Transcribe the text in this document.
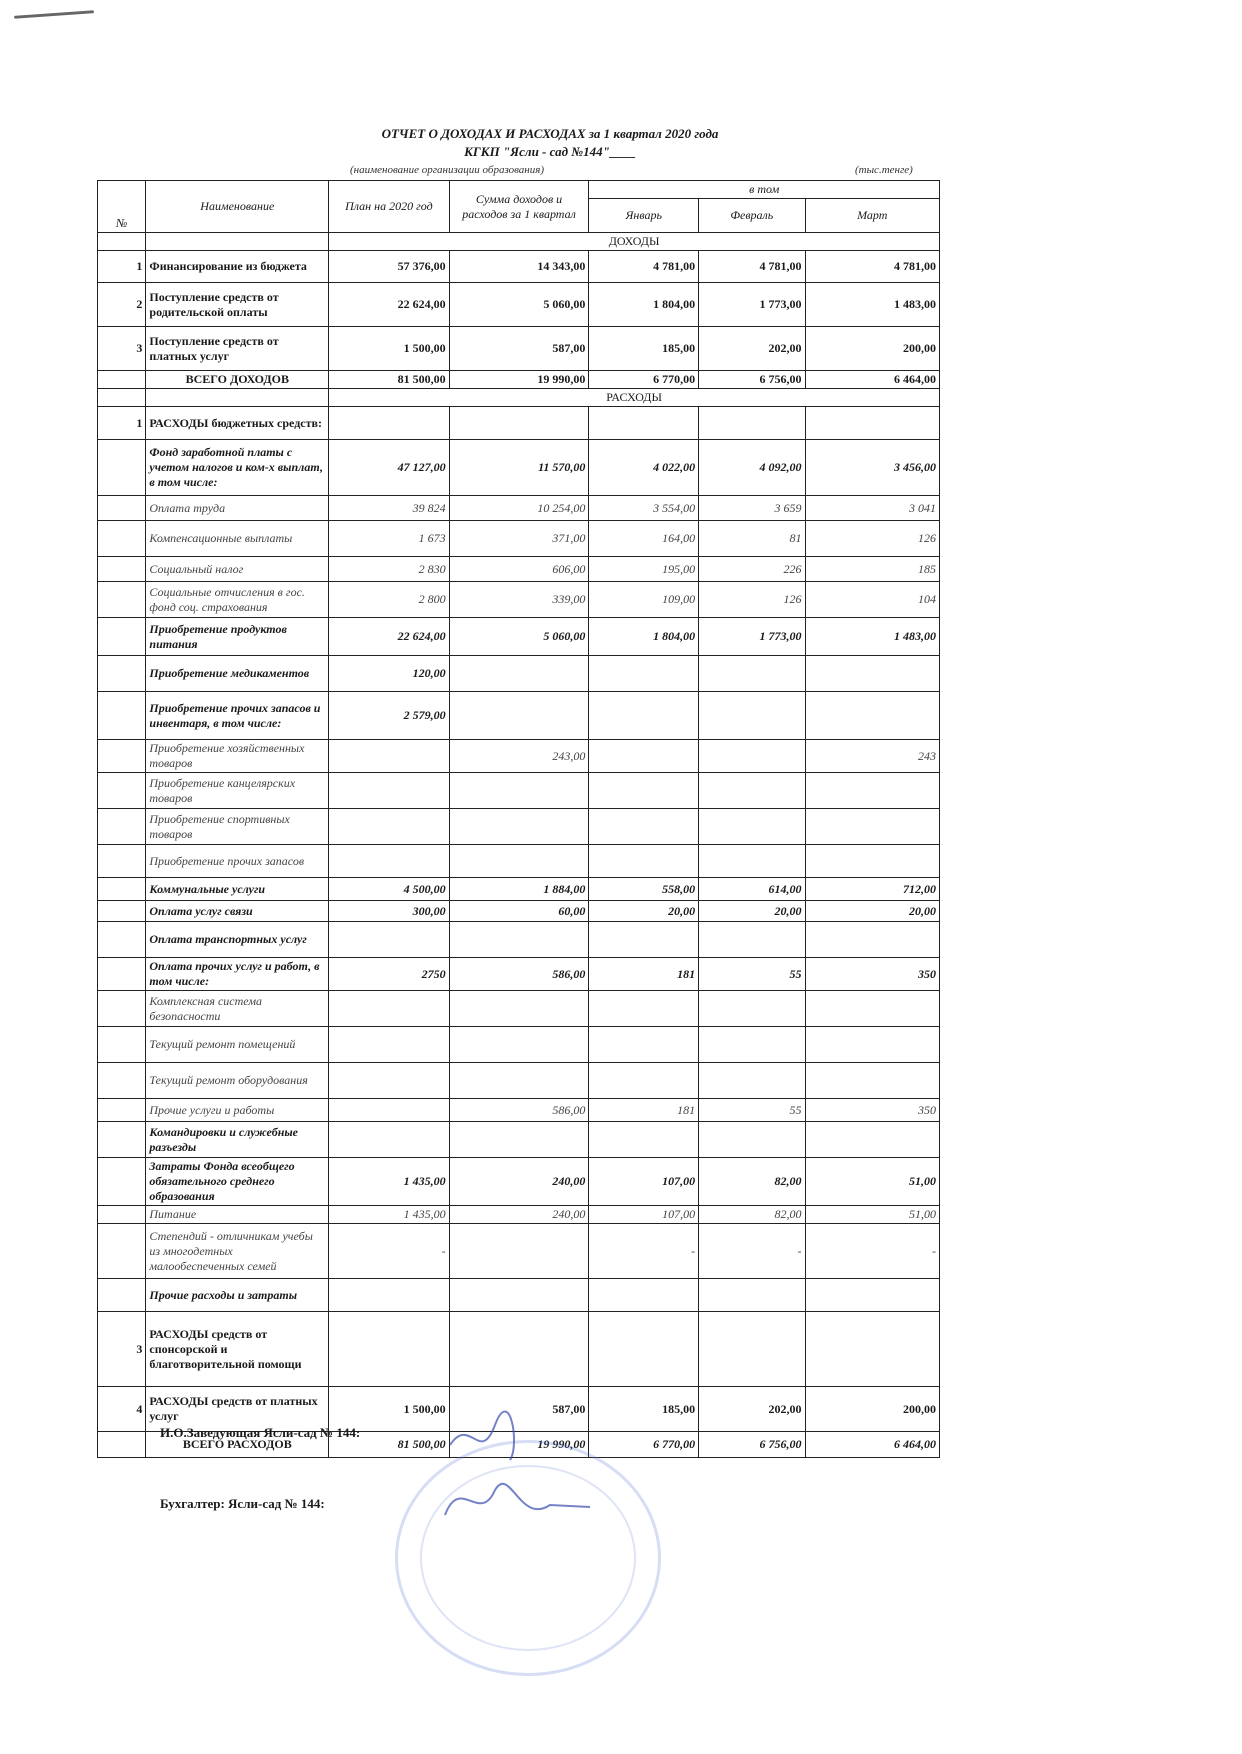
ОТЧЕТ О ДОХОДАХ И РАСХОДАХ за 1 квартал 2020 года
КГКП "Ясли - сад №144"____
(наименование организации образования)	(тыс.тенге)
№	Наименование	План на 2020 год	Сумма доходов и расходов за 1 квартал	в том		
				Январь	Февраль	Март
		ДОХОДЫ				
1	Финансирование из бюджета	57 376,00	14 343,00	4 781,00	4 781,00	4 781,00
2	Поступление средств от родительской оплаты	22 624,00	5 060,00	1 804,00	1 773,00	1 483,00
3	Поступление средств от платных услуг	1 500,00	587,00	185,00	202,00	200,00
	ВСЕГО ДОХОДОВ	81 500,00	19 990,00	6 770,00	6 756,00	6 464,00
		РАСХОДЫ				
1	РАСХОДЫ бюджетных средств:					
	Фонд заработной платы с учетом налогов и ком-х выплат, в том числе:	47 127,00	11 570,00	4 022,00	4 092,00	3 456,00
	Оплата труда	39 824	10 254,00	3 554,00	3 659	3 041
	Компенсационные выплаты	1 673	371,00	164,00	81	126
	Социальный налог	2 830	606,00	195,00	226	185
	Социальные отчисления в гос. фонд соц. страхования	2 800	339,00	109,00	126	104
	Приобретение продуктов питания	22 624,00	5 060,00	1 804,00	1 773,00	1 483,00
	Приобретение медикаментов	120,00				
	Приобретение прочих запасов и инвентаря, в том числе:	2 579,00				
	Приобретение хозяйственных товаров		243,00			243
	Приобретение канцелярских товаров					
	Приобретение спортивных товаров					
	Приобретение прочих запасов					
	Коммунальные услуги	4 500,00	1 884,00	558,00	614,00	712,00
	Оплата услуг связи	300,00	60,00	20,00	20,00	20,00
	Оплата транспортных услуг					
	Оплата прочих услуг и работ, в том числе:	2750	586,00	181	55	350
	Комплексная система безопасности					
	Текущий ремонт помещений					
	Текущий ремонт оборудования					
	Прочие услуги и работы		586,00	181	55	350
	Командировки и служебные разъезды					
	Затраты Фонда всеобщего обязательного среднего образования	1 435,00	240,00	107,00	82,00	51,00
	Питание	1 435,00	240,00	107,00	82,00	51,00
	Степендий - отличникам учебы из многодетных малообеспеченных семей	-		-	-	-
	Прочие расходы и затраты					
3	РАСХОДЫ средств от спонсорской и благотворительной помощи					
4	РАСХОДЫ средств от платных услуг	1 500,00	587,00	185,00	202,00	200,00
	ВСЕГО РАСХОДОВ	81 500,00	19 990,00	6 770,00	6 756,00	6 464,00
И.О.Заведующая Ясли-сад № 144:
Бухгалтер: Ясли-сад № 144:
